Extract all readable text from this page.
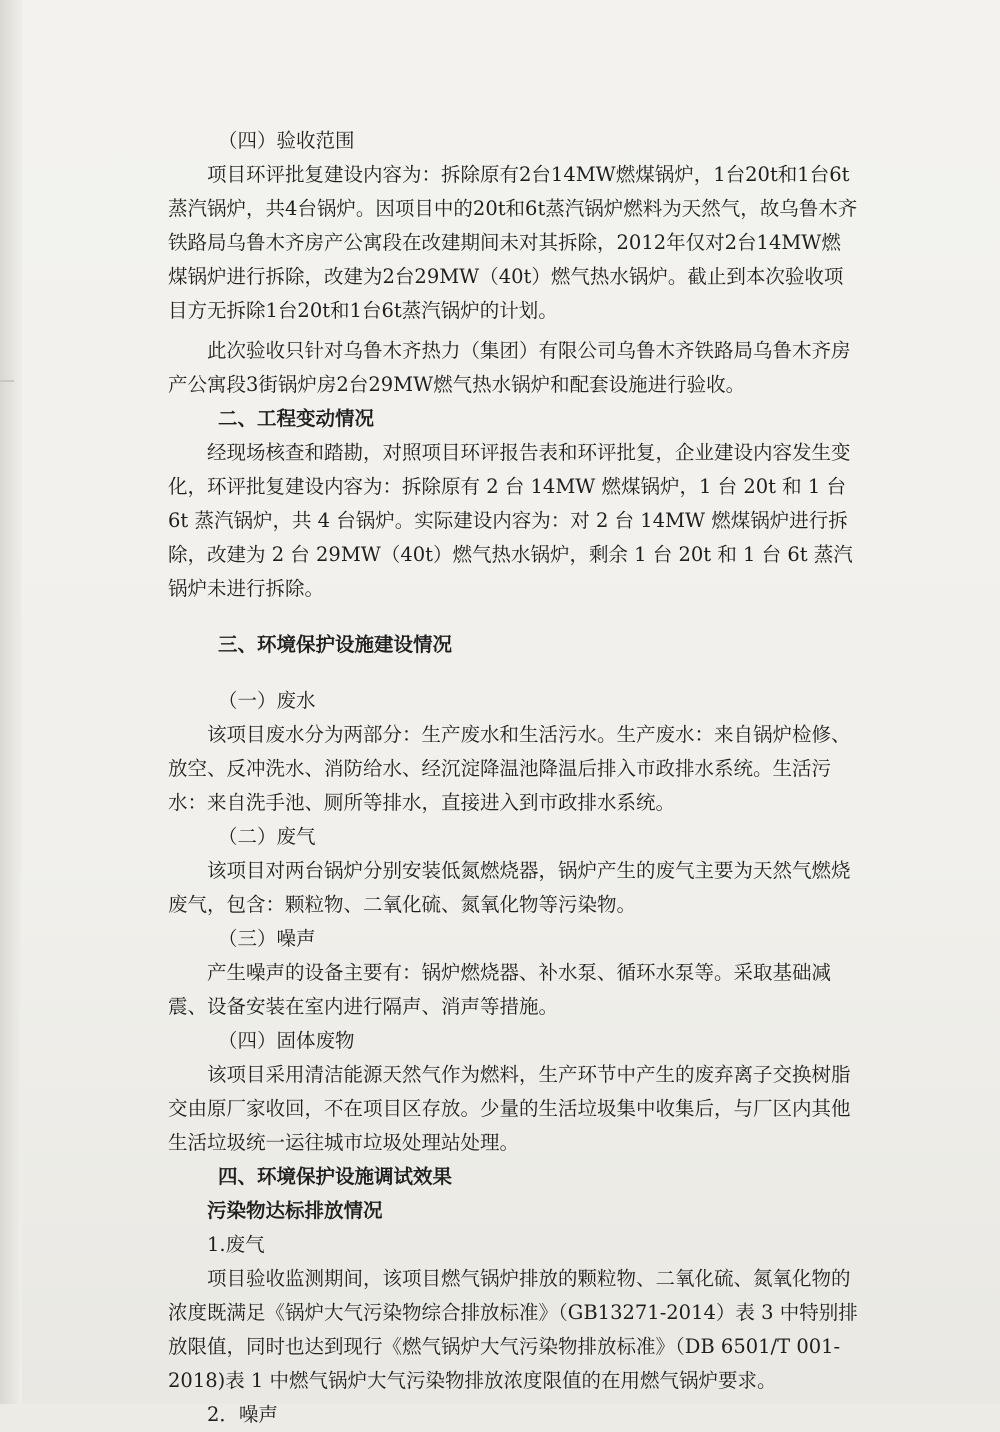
（四）验收范围

项目环评批复建设内容为：拆除原有2台14MW燃煤锅炉，1台20t和1台6t蒸汽锅炉，共4台锅炉。因项目中的20t和6t蒸汽锅炉燃料为天然气，故乌鲁木齐铁路局乌鲁木齐房产公寓段在改建期间未对其拆除，2012年仅对2台14MW燃煤锅炉进行拆除，改建为2台29MW（40t）燃气热水锅炉。截止到本次验收项目方无拆除1台20t和1台6t蒸汽锅炉的计划。

此次验收只针对乌鲁木齐热力（集团）有限公司乌鲁木齐铁路局乌鲁木齐房产公寓段3街锅炉房2台29MW燃气热水锅炉和配套设施进行验收。

二、工程变动情况

经现场核查和踏勘，对照项目环评报告表和环评批复，企业建设内容发生变化，环评批复建设内容为：拆除原有 2 台 14MW 燃煤锅炉，1 台 20t 和 1 台 6t 蒸汽锅炉，共 4 台锅炉。实际建设内容为：对 2 台 14MW 燃煤锅炉进行拆除，改建为 2 台 29MW（40t）燃气热水锅炉，剩余 1 台 20t 和 1 台 6t 蒸汽锅炉未进行拆除。

三、环境保护设施建设情况

（一）废水

该项目废水分为两部分：生产废水和生活污水。生产废水：来自锅炉检修、放空、反冲洗水、消防给水、经沉淀降温池降温后排入市政排水系统。生活污水：来自洗手池、厕所等排水，直接进入到市政排水系统。

（二）废气

该项目对两台锅炉分别安装低氮燃烧器，锅炉产生的废气主要为天然气燃烧废气，包含：颗粒物、二氧化硫、氮氧化物等污染物。

（三）噪声

产生噪声的设备主要有：锅炉燃烧器、补水泵、循环水泵等。采取基础减震、设备安装在室内进行隔声、消声等措施。

（四）固体废物

该项目采用清洁能源天然气作为燃料，生产环节中产生的废弃离子交换树脂交由原厂家收回，不在项目区存放。少量的生活垃圾集中收集后，与厂区内其他生活垃圾统一运往城市垃圾处理站处理。

四、环境保护设施调试效果

污染物达标排放情况

1.废气

项目验收监测期间，该项目燃气锅炉排放的颗粒物、二氧化硫、氮氧化物的浓度既满足《锅炉大气污染物综合排放标准》（GB13271-2014）表 3 中特别排放限值，同时也达到现行《燃气锅炉大气污染物排放标准》（DB 6501/T 001-2018)表 1 中燃气锅炉大气污染物排放浓度限值的在用燃气锅炉要求。

2．噪声
